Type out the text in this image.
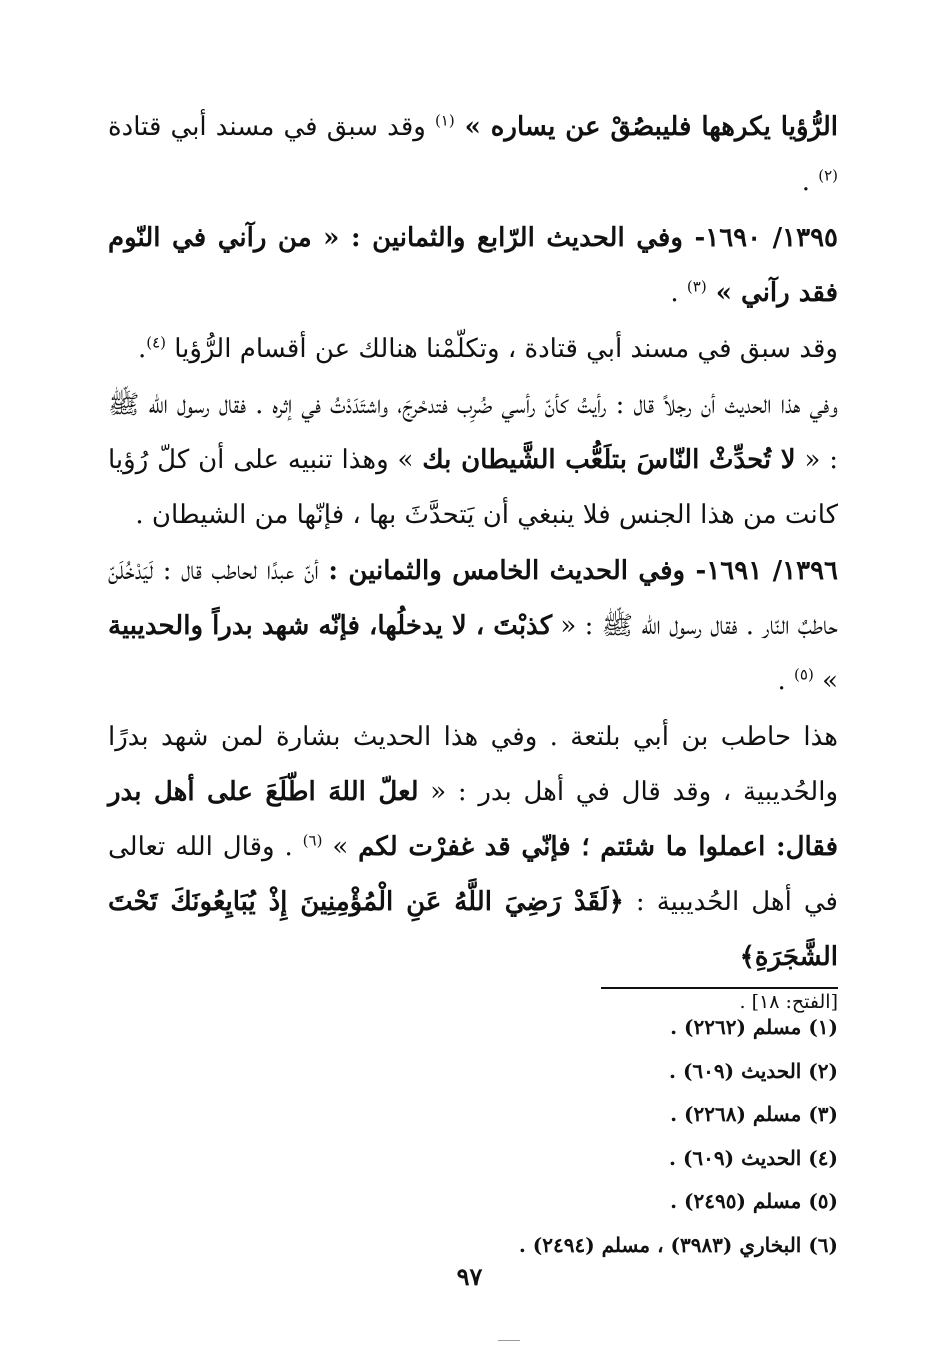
الرُّؤيا يكرهها فليبصُقْ عن يساره » $^{(١)}$ وقد سبق في مسند أبي قتادة $^{(٢)}$ .

١٣٩٥/ ١٦٩٠- وفي الحديث الرّابع والثمانين : « من رآني في النّوم فقد رآني » $^{(٣)}$ .

وقد سبق في مسند أبي قتادة ، وتكلّمْنا هنالك عن أقسام الرُّؤيا $^{(٤)}$.

وفي هذا الحديث أن رجلاً قال : رأيتُ كأنّ رأسي ضُرِب فتدحْرجَ، واشتَدَدْتُ في إثره . فقال رسول الله ﷺ : « لا تُحدِّثْ النّاسَ بتلَعُّب الشَّيطان بك » وهذا تنبيه على أن كلّ رُؤيا كانت من هذا الجنس فلا ينبغي أن يَتحدَّثَ بها ، فإنّها من الشيطان .

١٣٩٦/ ١٦٩١- وفي الحديث الخامس والثمانين : أنّ عبدًا لحاطب قال : لَيَدْخُلَنّ حاطبٌ النّار . فقال رسول الله ﷺ : « كذبْتَ ، لا يدخلُها، فإنّه شهد بدراً والحديبية » $^{(٥)}$ .

هذا حاطب بن أبي بلتعة . وفي هذا الحديث بشارة لمن شهد بدرًا والحُديبية ، وقد قال في أهل بدر : « لعلّ اللهَ اطّلَعَ على أهل بدر فقال: اعملوا ما شئتم ؛ فإنّي قد غفرْت لكم » $^{(٦)}$ . وقال الله تعالى في أهل الحُديبية : ﴿لَقَدْ رَضِيَ اللَّهُ عَنِ الْمُؤْمِنِينَ إِذْ يُبَايِعُونَكَ تَحْتَ الشَّجَرَةِ﴾

[الفتح: ١٨] .
(١) مسلم (٢٢٦٢) .
(٢) الحديث (٦٠٩) .
(٣) مسلم (٢٢٦٨) .
(٤) الحديث (٦٠٩) .
(٥) مسلم (٢٤٩٥) .
(٦) البخاري (٣٩٨٣) ، مسلم (٢٤٩٤) .
٩٧
